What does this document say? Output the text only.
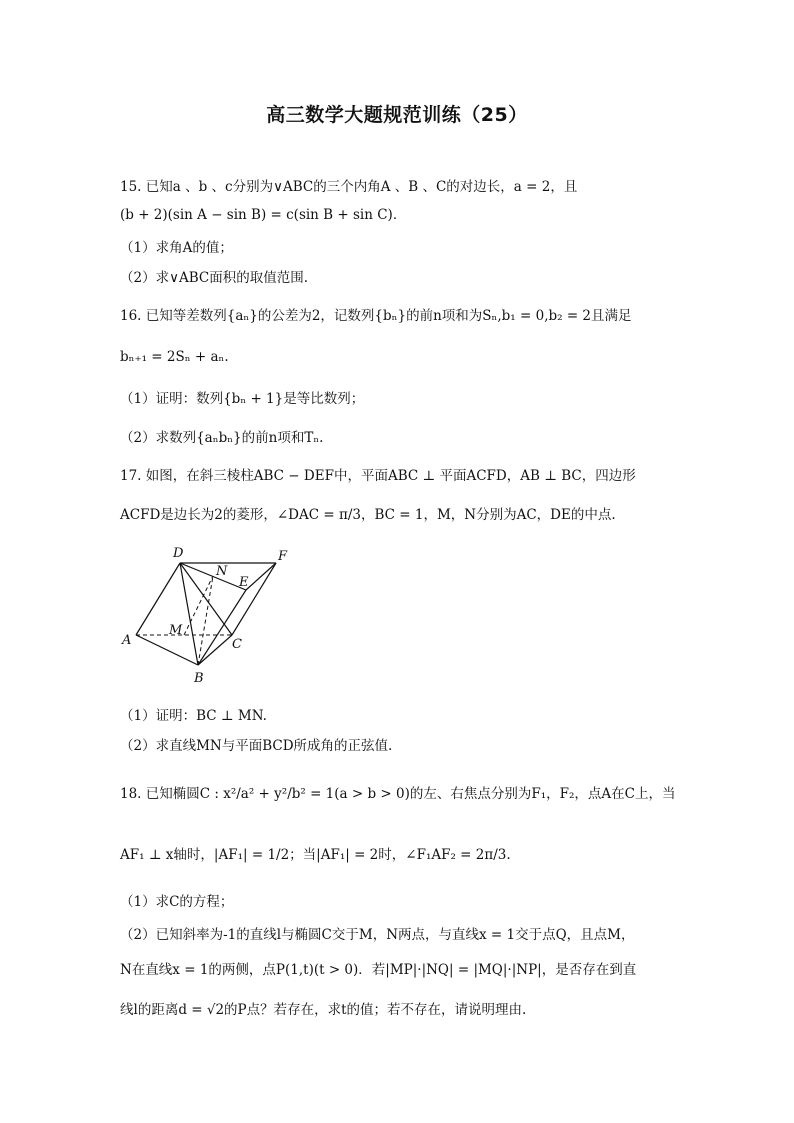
高三数学大题规范训练（25）
15. 已知a 、b 、c分别为∨ABC的三个内角A 、B 、C的对边长，a = 2，且
(b + 2)(sin A − sin B) = c(sin B + sin C)．
（1）求角A的值；
（2）求∨ABC面积的取值范围.
16. 已知等差数列{aₙ}的公差为2，记数列{bₙ}的前n项和为Sₙ,b₁ = 0,b₂ = 2且满足
bₙ₊₁ = 2Sₙ + aₙ.
（1）证明：数列{bₙ + 1}是等比数列；
（2）求数列{aₙbₙ}的前n项和Tₙ.
17. 如图，在斜三棱柱ABC − DEF中，平面ABC ⊥ 平面ACFD，AB ⊥ BC，四边形
ACFD是边长为2的菱形，∠DAC = π/3，BC = 1，M，N分别为AC，DE的中点.
D	F
N
E
M
A	C
B
（1）证明：BC ⊥ MN.
（2）求直线MN与平面BCD所成角的正弦值.
18. 已知椭圆C : x²/a² + y²/b² = 1(a > b > 0)的左、右焦点分别为F₁，F₂，点A在C上，当
AF₁ ⊥ x轴时，|AF₁| = 1/2；当|AF₁| = 2时，∠F₁AF₂ = 2π/3.
（1）求C的方程；
（2）已知斜率为-1的直线l与椭圆C交于M，N两点，与直线x = 1交于点Q，且点M，
N在直线x = 1的两侧，点P(1,t)(t > 0)．若|MP|·|NQ| = |MQ|·|NP|，是否存在到直
线l的距离d = √2的P点？若存在，求t的值；若不存在，请说明理由.
